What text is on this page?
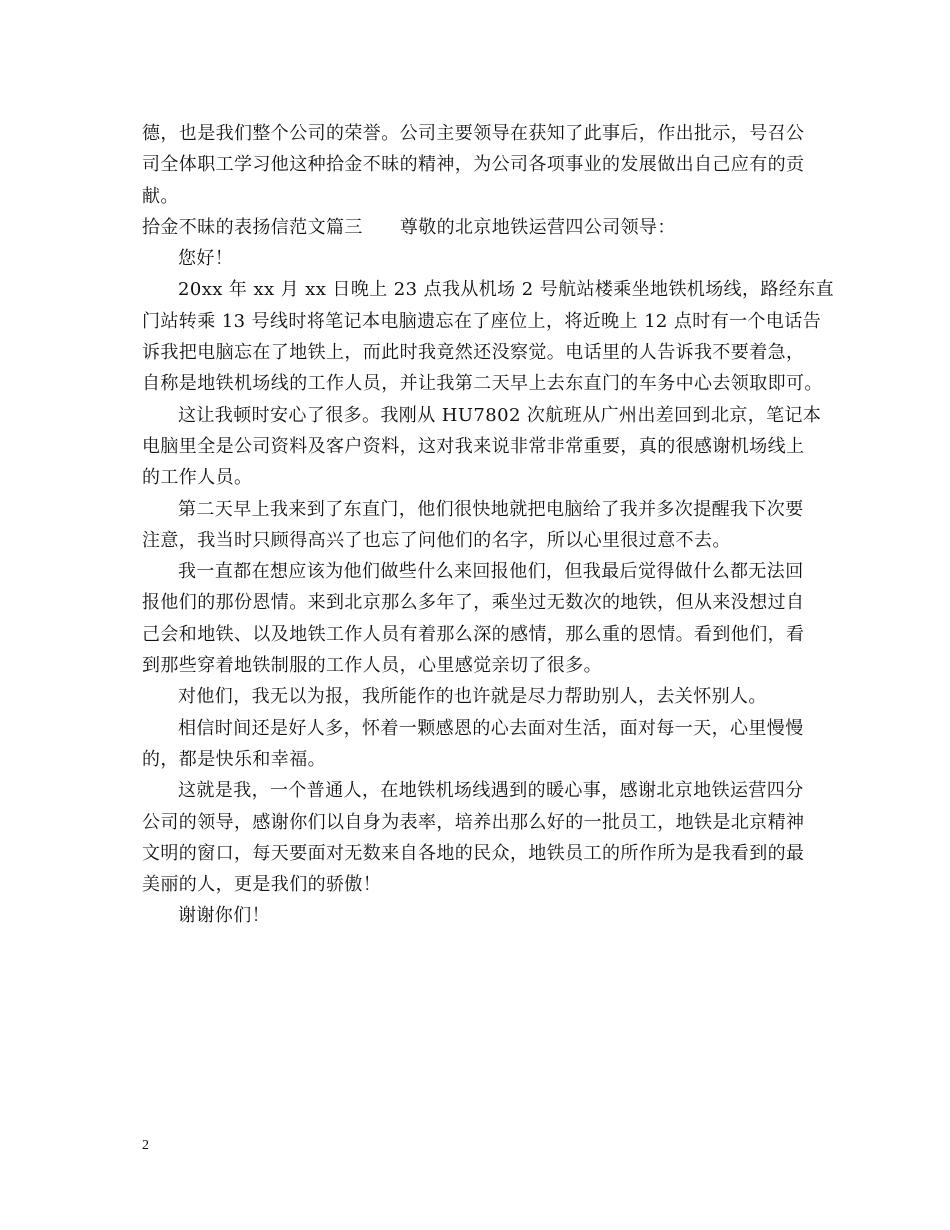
德，也是我们整个公司的荣誉。公司主要领导在获知了此事后，作出批示，号召公
司全体职工学习他这种拾金不昧的精神，为公司各项事业的发展做出自己应有的贡
献。
拾金不昧的表扬信范文篇三 尊敬的北京地铁运营四公司领导：
您好！
20xx 年 xx 月 xx 日晚上 23 点我从机场 2 号航站楼乘坐地铁机场线，路经东直
门站转乘 13 号线时将笔记本电脑遗忘在了座位上，将近晚上 12 点时有一个电话告
诉我把电脑忘在了地铁上，而此时我竟然还没察觉。电话里的人告诉我不要着急，
自称是地铁机场线的工作人员，并让我第二天早上去东直门的车务中心去领取即可。
这让我顿时安心了很多。我刚从 HU7802 次航班从广州出差回到北京，笔记本
电脑里全是公司资料及客户资料，这对我来说非常非常重要，真的很感谢机场线上
的工作人员。
第二天早上我来到了东直门，他们很快地就把电脑给了我并多次提醒我下次要
注意，我当时只顾得高兴了也忘了问他们的名字，所以心里很过意不去。
我一直都在想应该为他们做些什么来回报他们，但我最后觉得做什么都无法回
报他们的那份恩情。来到北京那么多年了，乘坐过无数次的地铁，但从来没想过自
己会和地铁、以及地铁工作人员有着那么深的感情，那么重的恩情。看到他们，看
到那些穿着地铁制服的工作人员，心里感觉亲切了很多。
对他们，我无以为报，我所能作的也许就是尽力帮助别人，去关怀别人。
相信时间还是好人多，怀着一颗感恩的心去面对生活，面对每一天，心里慢慢
的，都是快乐和幸福。
这就是我，一个普通人，在地铁机场线遇到的暖心事，感谢北京地铁运营四分
公司的领导，感谢你们以自身为表率，培养出那么好的一批员工，地铁是北京精神
文明的窗口，每天要面对无数来自各地的民众，地铁员工的所作所为是我看到的最
美丽的人，更是我们的骄傲！
谢谢你们！
2
